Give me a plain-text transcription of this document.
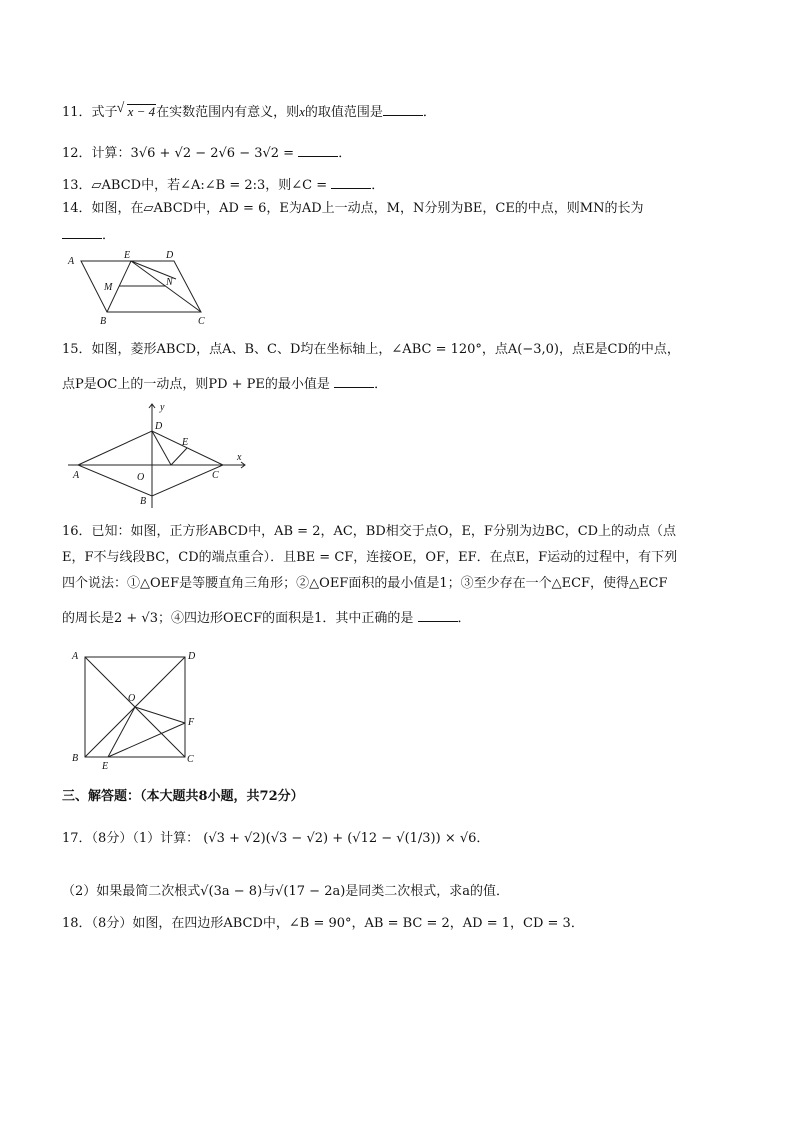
11．式子√ x − 4在实数范围内有意义，则x的取值范围是	．
12．计算：3√6 + √2 − 2√6 − 3√2 =	．
13．▱ABCD中，若∠A:∠B = 2:3，则∠C =	．
14．如图，在▱ABCD中，AD = 6，E为AD上一动点，M，N分别为BE，CE的中点，则MN的长为
．
A
E	D
M	N
B	C
15．如图，菱形ABCD，点A、B、C、D均在坐标轴上，∠ABC = 120°，点A(−3,0)，点E是CD的中点，
点P是OC上的一动点，则PD + PE的最小值是	．
y
x
D
E
A	O	C
B
16．已知：如图，正方形ABCD中，AB = 2，AC，BD相交于点O，E，F分别为边BC，CD上的动点（点
E，F不与线段BC，CD的端点重合）．且BE = CF，连接OE，OF，EF．在点E，F运动的过程中，有下列
四个说法：①△OEF是等腰直角三角形；②△OEF面积的最小值是1；③至少存在一个△ECF，使得△ECF
的周长是2 + √3；④四边形OECF的面积是1．其中正确的是	．
A	D
O
F
B
E
C
三、解答题：（本大题共8小题，共72分）
17．（8分）（1）计算： (√3 + √2)(√3 − √2) + (√12 − √(1/3)) × √6．
（2）如果最简二次根式√(3a − 8)与√(17 − 2a)是同类二次根式，求a的值．
18．（8分）如图，在四边形ABCD中，∠B = 90°，AB = BC = 2，AD = 1，CD = 3．
